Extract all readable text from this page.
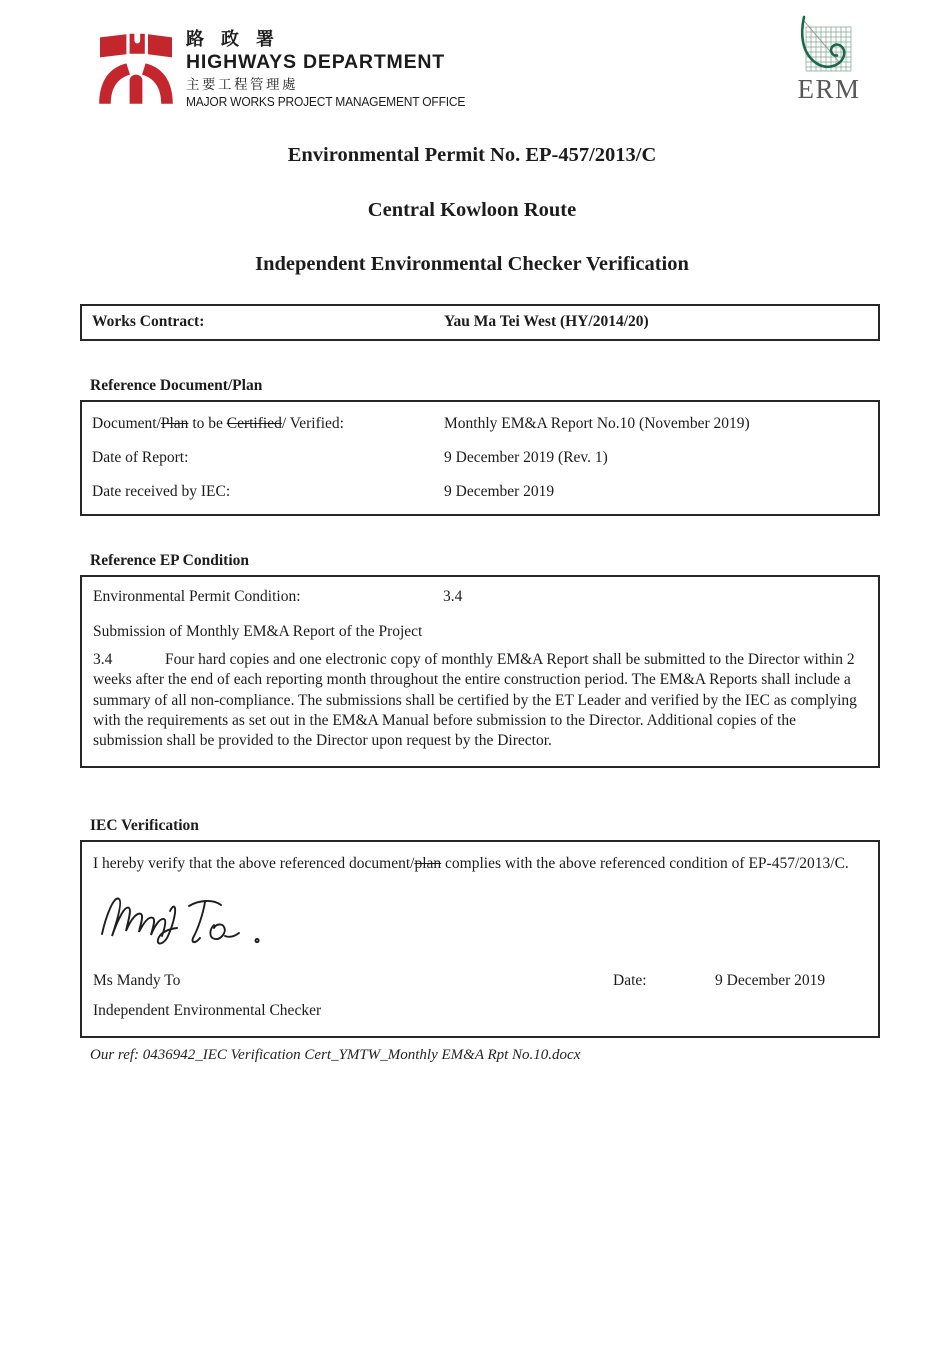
路 政 署
HIGHWAYS DEPARTMENT
主要工程管理處
MAJOR WORKS PROJECT MANAGEMENT OFFICE	ERM
Environmental Permit No. EP-457/2013/C
Central Kowloon Route
Independent Environmental Checker Verification
Works Contract:	Yau Ma Tei West (HY/2014/20)
Reference Document/Plan
Document/Plan to be Certified/ Verified:	Monthly EM&A Report No.10 (November 2019)
Date of Report:	9 December 2019 (Rev. 1)
Date received by IEC:	9 December 2019
Reference EP Condition
Environmental Permit Condition:	3.4
Submission of Monthly EM&A Report of the Project
3.4	Four hard copies and one electronic copy of monthly EM&A Report shall be submitted to the Director within 2 weeks after the end of each reporting month throughout the entire construction period. The EM&A Reports shall include a summary of all non-compliance. The submissions shall be certified by the ET Leader and verified by the IEC as complying with the requirements as set out in the EM&A Manual before submission to the Director. Additional copies of the submission shall be provided to the Director upon request by the Director.
IEC Verification
I hereby verify that the above referenced document/plan complies with the above referenced condition of EP-457/2013/C.
Ms Mandy To	Date:	9 December 2019
Independent Environmental Checker
Our ref: 0436942_IEC Verification Cert_YMTW_Monthly EM&A Rpt No.10.docx
